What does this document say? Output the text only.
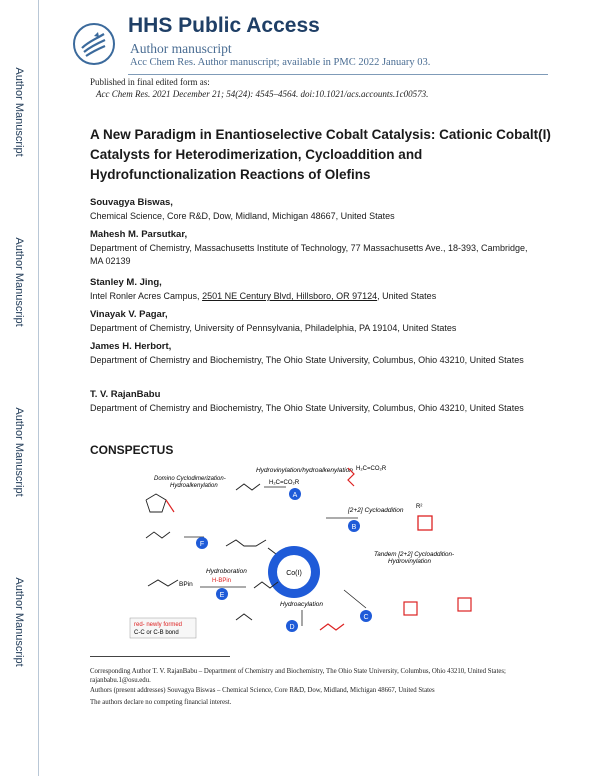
Author Manuscript
Author Manuscript
Author Manuscript
Author Manuscript
HHS Public Access
Author manuscript
Acc Chem Res. Author manuscript; available in PMC 2022 January 03.
Published in final edited form as:
Acc Chem Res. 2021 December 21; 54(24): 4545–4564. doi:10.1021/acs.accounts.1c00573.
A New Paradigm in Enantioselective Cobalt Catalysis: Cationic Cobalt(I) Catalysts for Heterodimerization, Cycloaddition and Hydrofunctionalization Reactions of Olefins
Souvagya Biswas,
Chemical Science, Core R&D, Dow, Midland, Michigan 48667, United States
Mahesh M. Parsutkar,
Department of Chemistry, Massachusetts Institute of Technology, 77 Massachusetts Ave., 18-393, Cambridge, MA 02139
Stanley M. Jing,
Intel Ronler Acres Campus, 2501 NE Century Blvd, Hillsboro, OR 97124, United States
Vinayak V. Pagar,
Department of Chemistry, University of Pennsylvania, Philadelphia, PA 19104, United States
James H. Herbort,
Department of Chemistry and Biochemistry, The Ohio State University, Columbus, Ohio 43210, United States
T. V. RajanBabu
Department of Chemistry and Biochemistry, The Ohio State University, Columbus, Ohio 43210, United States
CONSPECTUS
Hydrovinylation/hydroalkenylation
H₂C=CO₂R
A
H₂C=CO₂R
Domino Cyclodimerization-Hydroalkenylation
F
[2+2] Cycloaddition
B
R²
Tandem [2+2] Cycloaddition-Hydrovinylation
C
Co(I)
Hydroboration
H-BPin
E
BPin
Hydroacylation
D
red- newly formed
C-C or C-B bond
Corresponding Author T. V. RajanBabu – Department of Chemistry and Biochemistry, The Ohio State University, Columbus, Ohio 43210, United States; rajanbabu.1@osu.edu.
Authors (present addresses) Souvagya Biswas – Chemical Science, Core R&D, Dow, Midland, Michigan 48667, United States
The authors declare no competing financial interest.
